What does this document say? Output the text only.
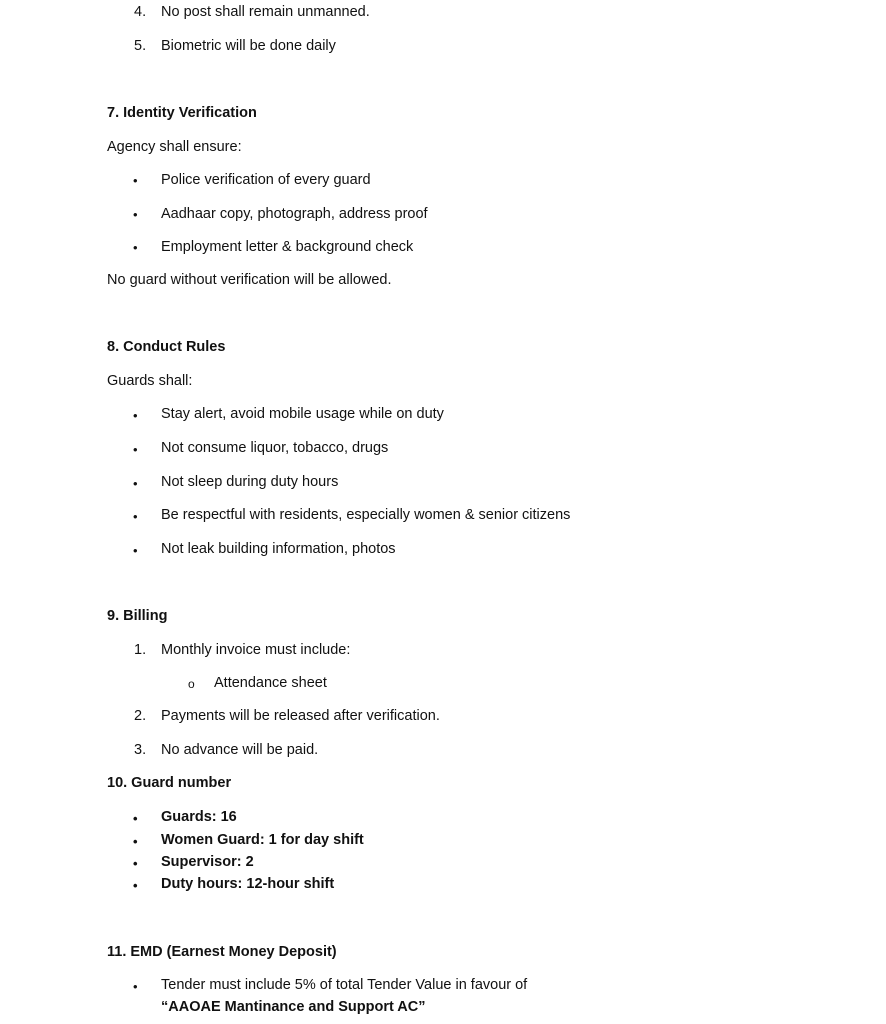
4. No post shall remain unmanned.
5. Biometric will be done daily
7. Identity Verification
Agency shall ensure:
• Police verification of every guard
• Aadhaar copy, photograph, address proof
• Employment letter & background check
No guard without verification will be allowed.
8. Conduct Rules
Guards shall:
• Stay alert, avoid mobile usage while on duty
• Not consume liquor, tobacco, drugs
• Not sleep during duty hours
• Be respectful with residents, especially women & senior citizens
• Not leak building information, photos
9. Billing
1. Monthly invoice must include:
o Attendance sheet
2. Payments will be released after verification.
3. No advance will be paid.
10. Guard number
• Guards: 16
• Women Guard: 1 for day shift
• Supervisor: 2
• Duty hours: 12-hour shift
11. EMD (Earnest Money Deposit)
• Tender must include 5% of total Tender Value in favour of
“AAOAE Mantinance and Support AC”
